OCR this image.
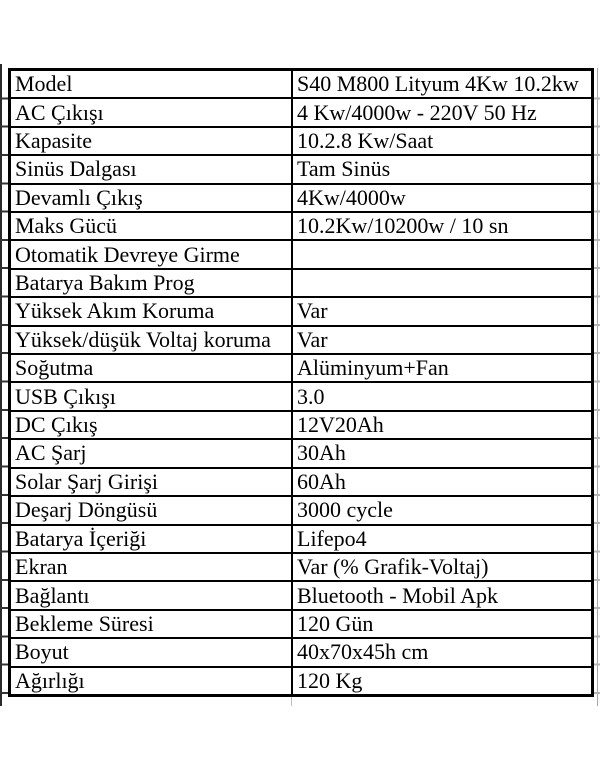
Model	S40 M800 Lityum 4Kw 10.2kw
AC Çıkışı	4 Kw/4000w - 220V 50 Hz
Kapasite	10.2.8 Kw/Saat
Sinüs Dalgası	Tam Sinüs
Devamlı Çıkış	4Kw/4000w
Maks Gücü	10.2Kw/10200w / 10 sn
Otomatik Devreye Girme
Batarya Bakım Prog
Yüksek Akım Koruma	Var
Yüksek/düşük Voltaj koruma Var
Soğutma	Alüminyum+Fan
USB Çıkışı	3.0
DC Çıkış	12V20Ah
AC Şarj	30Ah
Solar Şarj Girişi	60Ah
Deşarj Döngüsü	3000 cycle
Batarya İçeriği	Lifepo4
Ekran	Var (% Grafik-Voltaj)
Bağlantı	Bluetooth - Mobil Apk
Bekleme Süresi	120 Gün
Boyut	40x70x45h cm
Ağırlığı	120 Kg
